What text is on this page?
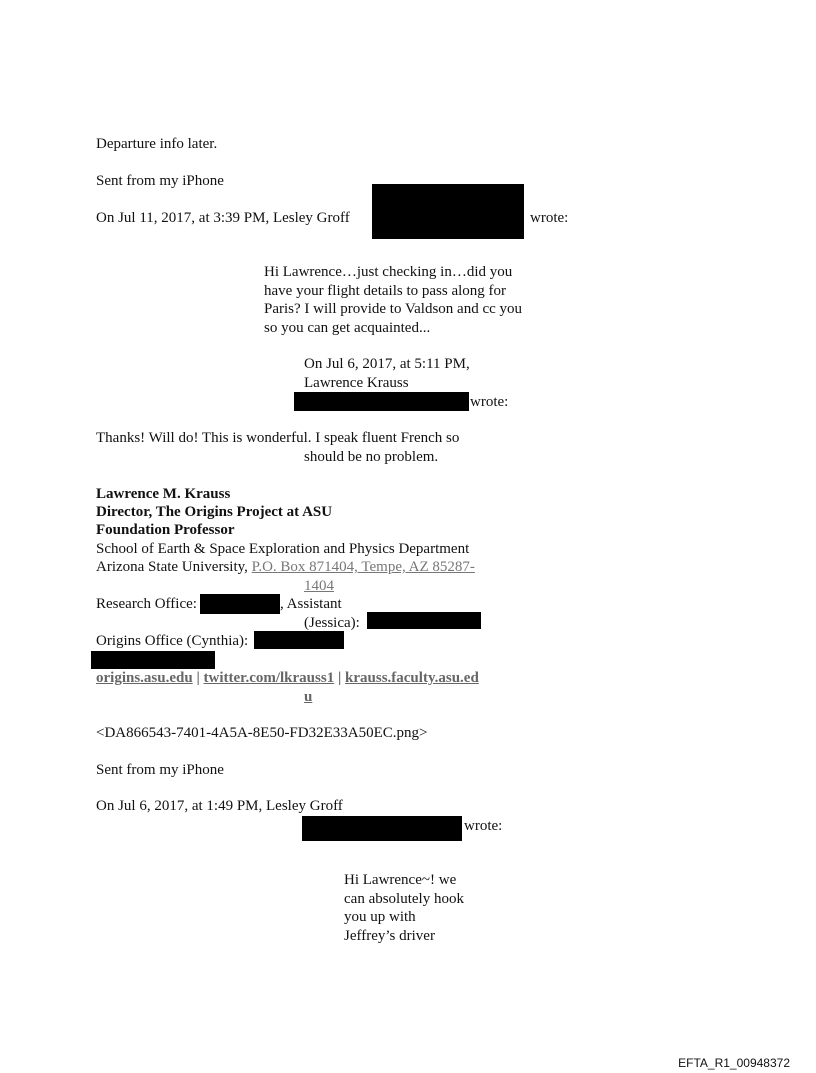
Departure info later.
Sent from my iPhone
On Jul 11, 2017, at 3:39 PM, Lesley Groff	wrote:
Hi Lawrence…just checking in…did you
have your flight details to pass along for
Paris? I will provide to Valdson and cc you
so you can get acquainted...
On Jul 6, 2017, at 5:11 PM,
Lawrence Krauss
wrote:
Thanks! Will do! This is wonderful. I speak fluent French so
should be no problem.
Lawrence M. Krauss
Director, The Origins Project at ASU
Foundation Professor
School of Earth & Space Exploration and Physics Department
Arizona State University, P.O. Box 871404, Tempe, AZ 85287-
1404
Research Office:	, Assistant
(Jessica):
Origins Office (Cynthia):
origins.asu.edu | twitter.com/lkrauss1 | krauss.faculty.asu.ed
u
<DA866543-7401-4A5A-8E50-FD32E33A50EC.png>
Sent from my iPhone
On Jul 6, 2017, at 1:49 PM, Lesley Groff
wrote:
Hi Lawrence~! we
can absolutely hook
you up with
Jeffrey’s driver
EFTA_R1_00948372
